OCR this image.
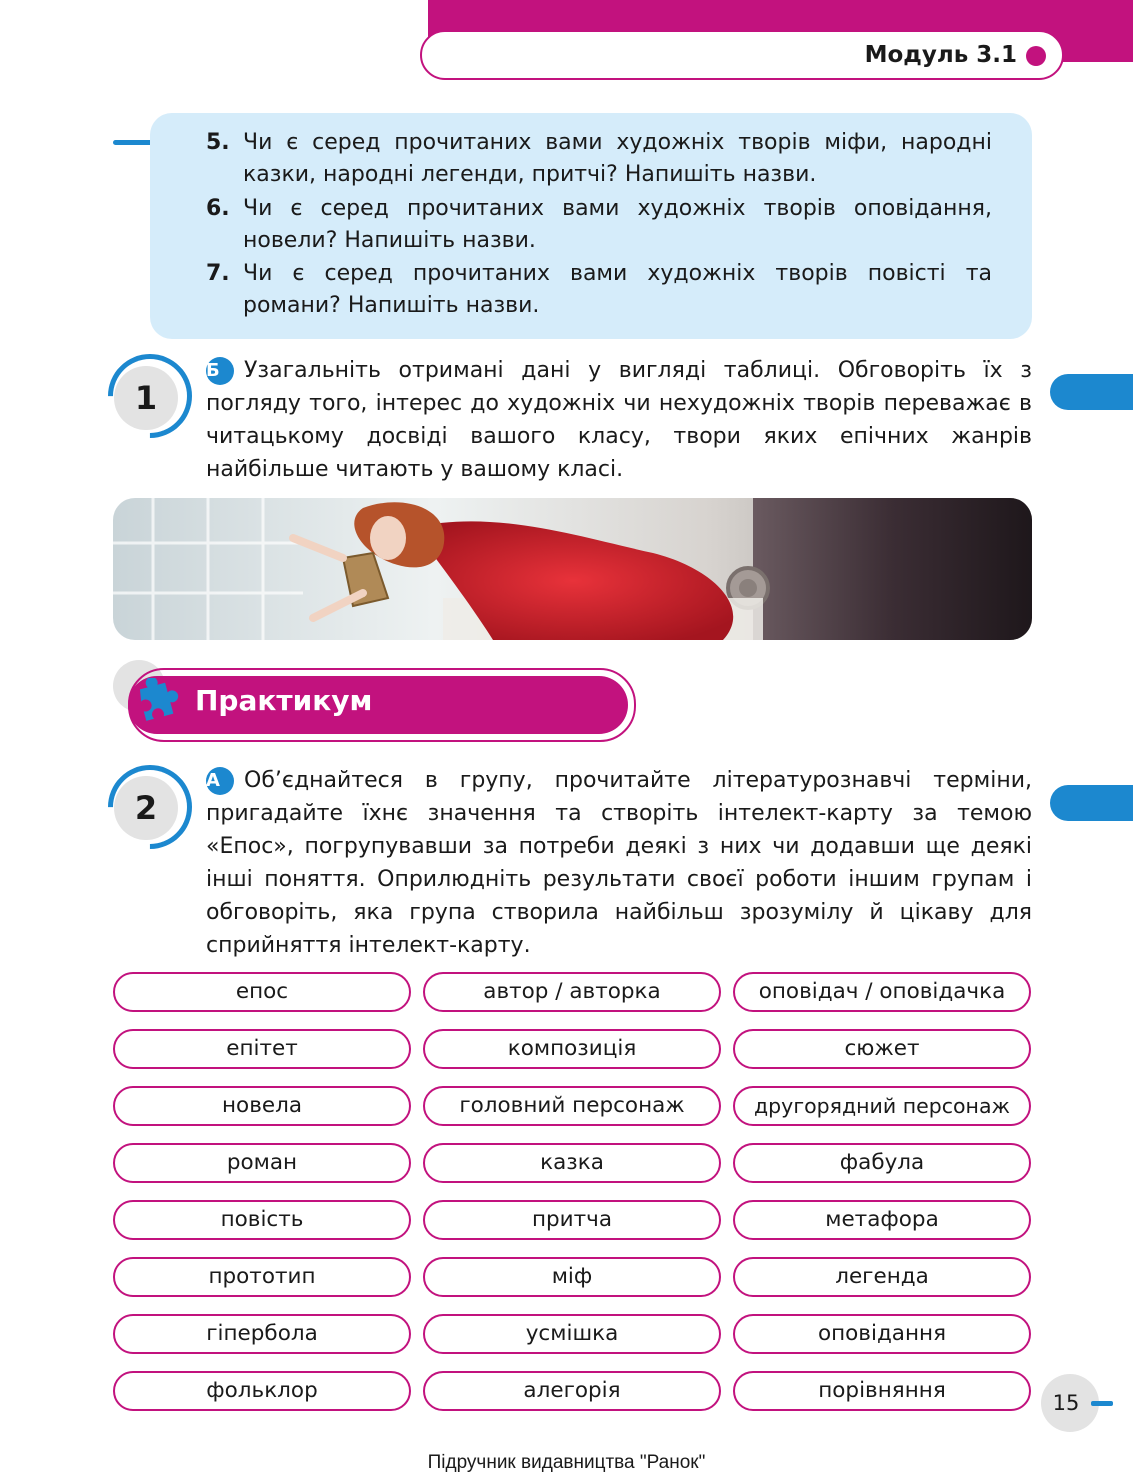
Модуль 3.1
5. Чи є серед прочитаних вами художніх творів міфи, народні казки, народні легенди, притчі? Напишіть назви.
6. Чи є серед прочитаних вами художніх творів оповідання, новели? Напишіть назви.
7. Чи є серед прочитаних вами художніх творів повісті та романи? Напишіть назви.
1
Б Узагальніть отримані дані у вигляді таблиці. Обговоріть їх з погляду того, інтерес до художніх чи нехудожніх творів переважає в читацькому досвіді вашого класу, твори яких епічних жанрів найбільше читають у вашому класі.
Практикум
2
А Об’єднайтеся в групу, прочитайте літературознавчі терміни, пригадайте їхнє значення та створіть інтелект-карту за темою «Епос», погрупувавши за потреби деякі з них чи додавши ще деякі інші поняття. Оприлюдніть результати своєї роботи іншим групам і обговоріть, яка група створила найбільш зрозумілу й цікаву для сприйняття інтелект-карту.
епос	автор / авторка	оповідач / оповідачка
епітет	композиція	сюжет
новела	головний персонаж	другорядний персонаж
роман	казка	фабула
повість	притча	метафора
прототип	міф	легенда
гіпербола	усмішка	оповідання
фольклор	алегорія	порівняння	15
Підручник видавництва "Ранок"
